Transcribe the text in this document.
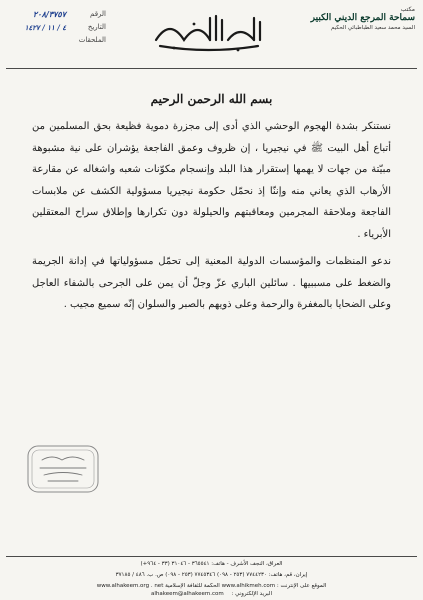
الرقم
٢٠٨/٣٧٥٧
التاريخ
٤ / ١١ / ١٤٢٧
الملحقات
مكتب
سماحة المرجع الديني الكبير
السيد محمد سعيد الطباطبائي الحكيم
بسم الله الرحمن الرحيم

نستنكر بشدة الهجوم الوحشي الذي أدى إلى مجزرة دموية فظيعة بحق المسلمين من أتباع أهل البيت ﷺ في نيجيريا ، إن ظروف وعمق الفاجعة يؤشران على نية مشبوهة مبيّتة من جهات لا يهمها إستقرار هذا البلد وإنسجام مكوّنات شعبه واشغاله عن مقارعة الأرهاب الذي يعاني منه وإننّا إذ نحمّل حكومة نيجيريا مسؤولية الكشف عن ملابسات الفاجعة وملاحقة المجرمين ومعاقبتهم والحيلولة دون تكرارها وإطلاق سراح المعتقلين الأبرياء .

ندعو المنظمات والمؤسسات الدولية المعنية إلى تحمّل مسؤولياتها في إدانة الجريمة والضغط على مسببيها . سائلين الباري عزّ وجلّ أن يمن على الجرحى بالشفاء العاجل وعلى الضحايا بالمغفرة والرحمة وعلى ذويهم بالصبر والسلوان إنّه سميع مجيب .

العراق، النجف الأشرف - هاتف: ٣٦٥٥٤١ - ٣١٠٤٦ (٣٣ - ٩٦٤+)
إيران، قم، هاتف: ٧٧٤٤٢٣٠ (٢٥٣ - ٠٩٨) ٧٧٤٥٣٤٦ (٢٥٣ - ٠٩٨) ص. ب. ٤٨٦ / ٣٧١٨٥
الموقع على الإنترنت : www.alhikmeh.com الحكمة للثقافة الإسلامية www.alhakeem.org . net
البريد الإلكتروني : alhakeem@alhakeem.com
